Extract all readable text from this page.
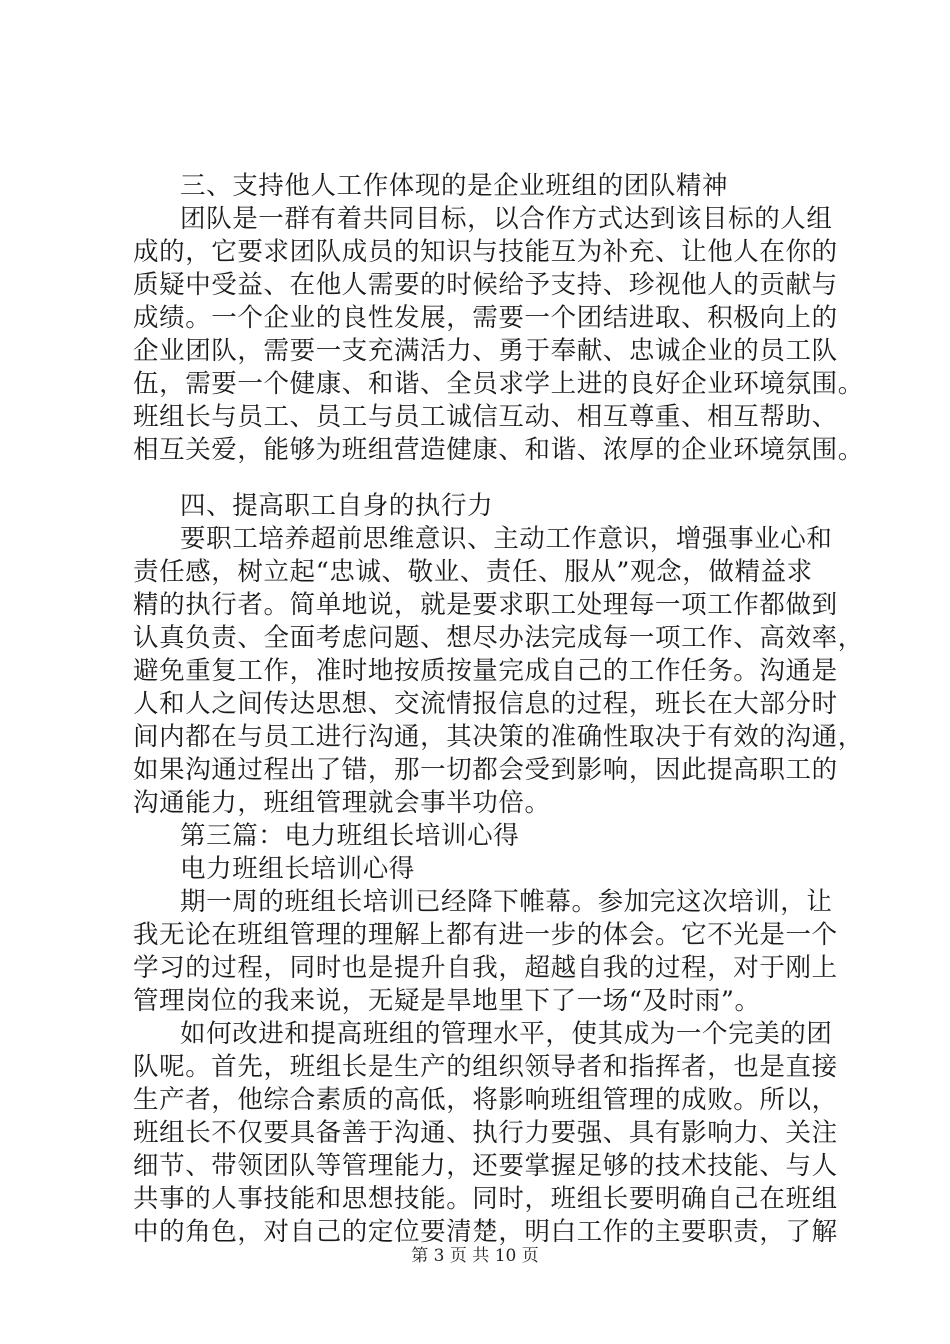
三、支持他人工作体现的是企业班组的团队精神
团队是一群有着共同目标，以合作方式达到该目标的人组
成的，它要求团队成员的知识与技能互为补充、让他人在你的
质疑中受益、在他人需要的时候给予支持、珍视他人的贡献与
成绩。一个企业的良性发展，需要一个团结进取、积极向上的
企业团队，需要一支充满活力、勇于奉献、忠诚企业的员工队
伍，需要一个健康、和谐、全员求学上进的良好企业环境氛围。
班组长与员工、员工与员工诚信互动、相互尊重、相互帮助、
相互关爱，能够为班组营造健康、和谐、浓厚的企业环境氛围。
四、提高职工自身的执行力
要职工培养超前思维意识、主动工作意识，增强事业心和
责任感，树立起“忠诚、敬业、责任、服从”观念，做精益求
精的执行者。简单地说，就是要求职工处理每一项工作都做到
认真负责、全面考虑问题、想尽办法完成每一项工作、高效率，
避免重复工作，准时地按质按量完成自己的工作任务。沟通是
人和人之间传达思想、交流情报信息的过程，班长在大部分时
间内都在与员工进行沟通，其决策的准确性取决于有效的沟通，
如果沟通过程出了错，那一切都会受到影响，因此提高职工的
沟通能力，班组管理就会事半功倍。
第三篇：电力班组长培训心得
电力班组长培训心得
期一周的班组长培训已经降下帷幕。参加完这次培训，让
我无论在班组管理的理解上都有进一步的体会。它不光是一个
学习的过程，同时也是提升自我，超越自我的过程，对于刚上
管理岗位的我来说，无疑是旱地里下了一场“及时雨”。
如何改进和提高班组的管理水平，使其成为一个完美的团
队呢。首先，班组长是生产的组织领导者和指挥者，也是直接
生产者，他综合素质的高低，将影响班组管理的成败。所以，
班组长不仅要具备善于沟通、执行力要强、具有影响力、关注
细节、带领团队等管理能力，还要掌握足够的技术技能、与人
共事的人事技能和思想技能。同时，班组长要明确自己在班组
中的角色，对自己的定位要清楚，明白工作的主要职责，了解
第 3 页 共 10 页
